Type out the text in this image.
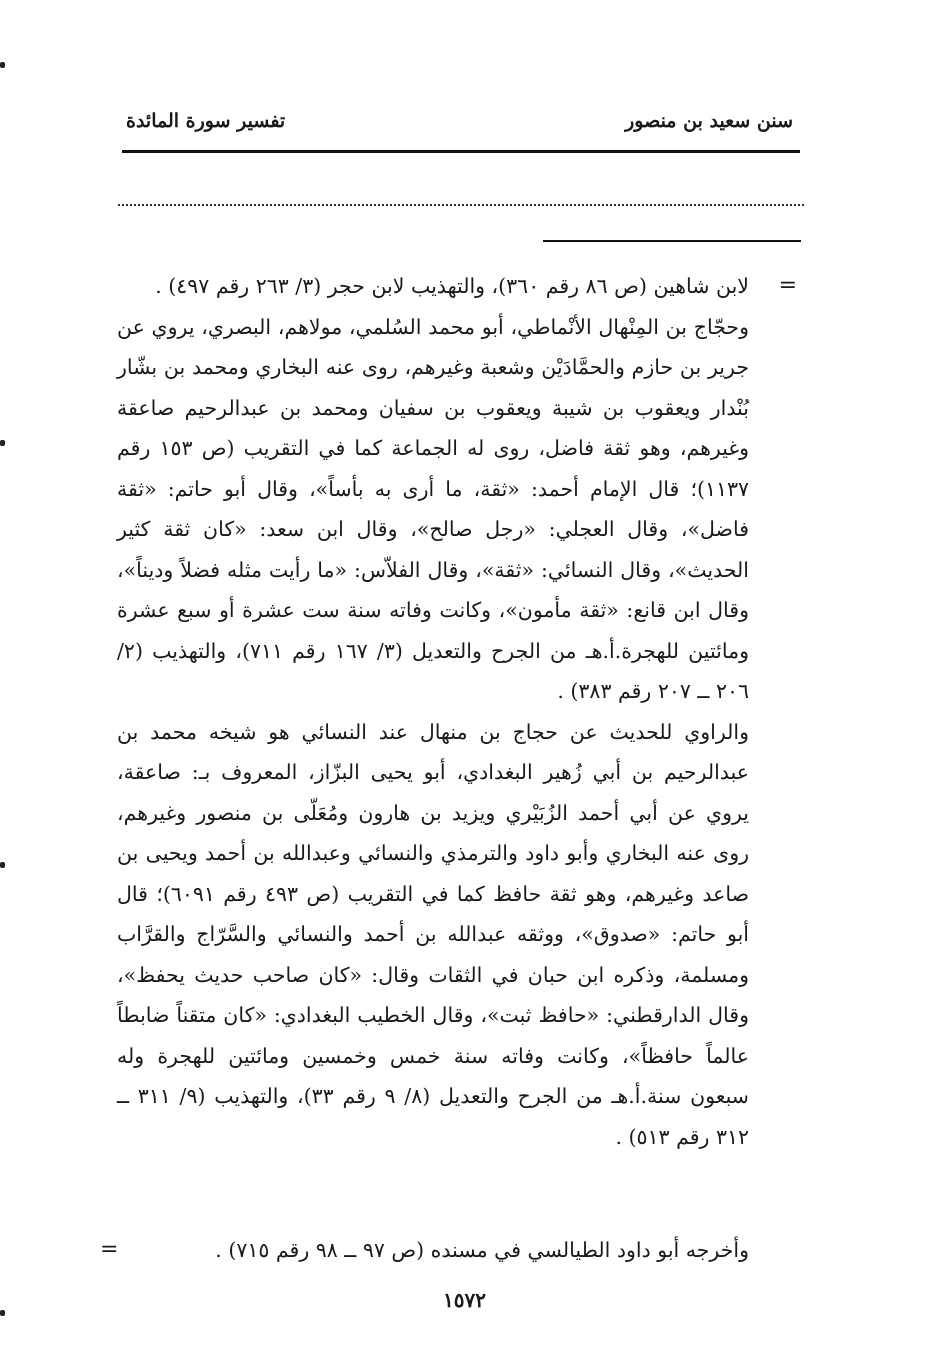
سنن سعيد بن منصور
تفسير سورة المائدة
=

لابن شاهين (ص ٨٦ رقم ٣٦٠)، والتهذيب لابن حجر (٣/ ٢٦٣ رقم ٤٩٧) .

وحجّاج بن المِنْهال الأنْماطي، أبو محمد السُلمي، مولاهم، البصري، يروي عن جرير بن حازم والحمَّادَيْن وشعبة وغيرهم، روى عنه البخاري ومحمد بن بشّار بُنْدار ويعقوب بن شيبة ويعقوب بن سفيان ومحمد بن عبدالرحيم صاعقة وغيرهم، وهو ثقة فاضل، روى له الجماعة كما في التقريب (ص ١٥٣ رقم ١١٣٧)؛ قال الإمام أحمد: «ثقة، ما أرى به بأساً»، وقال أبو حاتم: «ثقة فاضل»، وقال العجلي: «رجل صالح»، وقال ابن سعد: «كان ثقة كثير الحديث»، وقال النسائي: «ثقة»، وقال الفلاّس: «ما رأيت مثله فضلاً وديناً»، وقال ابن قانع: «ثقة مأمون»، وكانت وفاته سنة ست عشرة أو سبع عشرة ومائتين للهجرة.أ.هـ من الجرح والتعديل (٣/ ١٦٧ رقم ٧١١)، والتهذيب (٢/ ٢٠٦ ــ ٢٠٧ رقم ٣٨٣) .

والراوي للحديث عن حجاج بن منهال عند النسائي هو شيخه محمد بن عبدالرحيم بن أبي زُهير البغدادي، أبو يحيى البزّاز، المعروف بـ: صاعقة، يروي عن أبي أحمد الزُبَيْري ويزيد بن هارون ومُعَلّى بن منصور وغيرهم، روى عنه البخاري وأبو داود والترمذي والنسائي وعبدالله بن أحمد ويحيى بن صاعد وغيرهم، وهو ثقة حافظ كما في التقريب (ص ٤٩٣ رقم ٦٠٩١)؛ قال أبو حاتم: «صدوق»، ووثقه عبدالله بن أحمد والنسائي والسَّرّاج والقرَّاب ومسلمة، وذكره ابن حبان في الثقات وقال: «كان صاحب حديث يحفظ»، وقال الدارقطني: «حافظ ثبت»، وقال الخطيب البغدادي: «كان متقناً ضابطاً عالماً حافظاً»، وكانت وفاته سنة خمس وخمسين ومائتين للهجرة وله سبعون سنة.أ.هـ من الجرح والتعديل (٨/ ٩ رقم ٣٣)، والتهذيب (٩/ ٣١١ ــ ٣١٢ رقم ٥١٣) .

وأخرجه أبو داود الطيالسي في مسنده (ص ٩٧ ــ ٩٨ رقم ٧١٥) .
=
١٥٧٢
